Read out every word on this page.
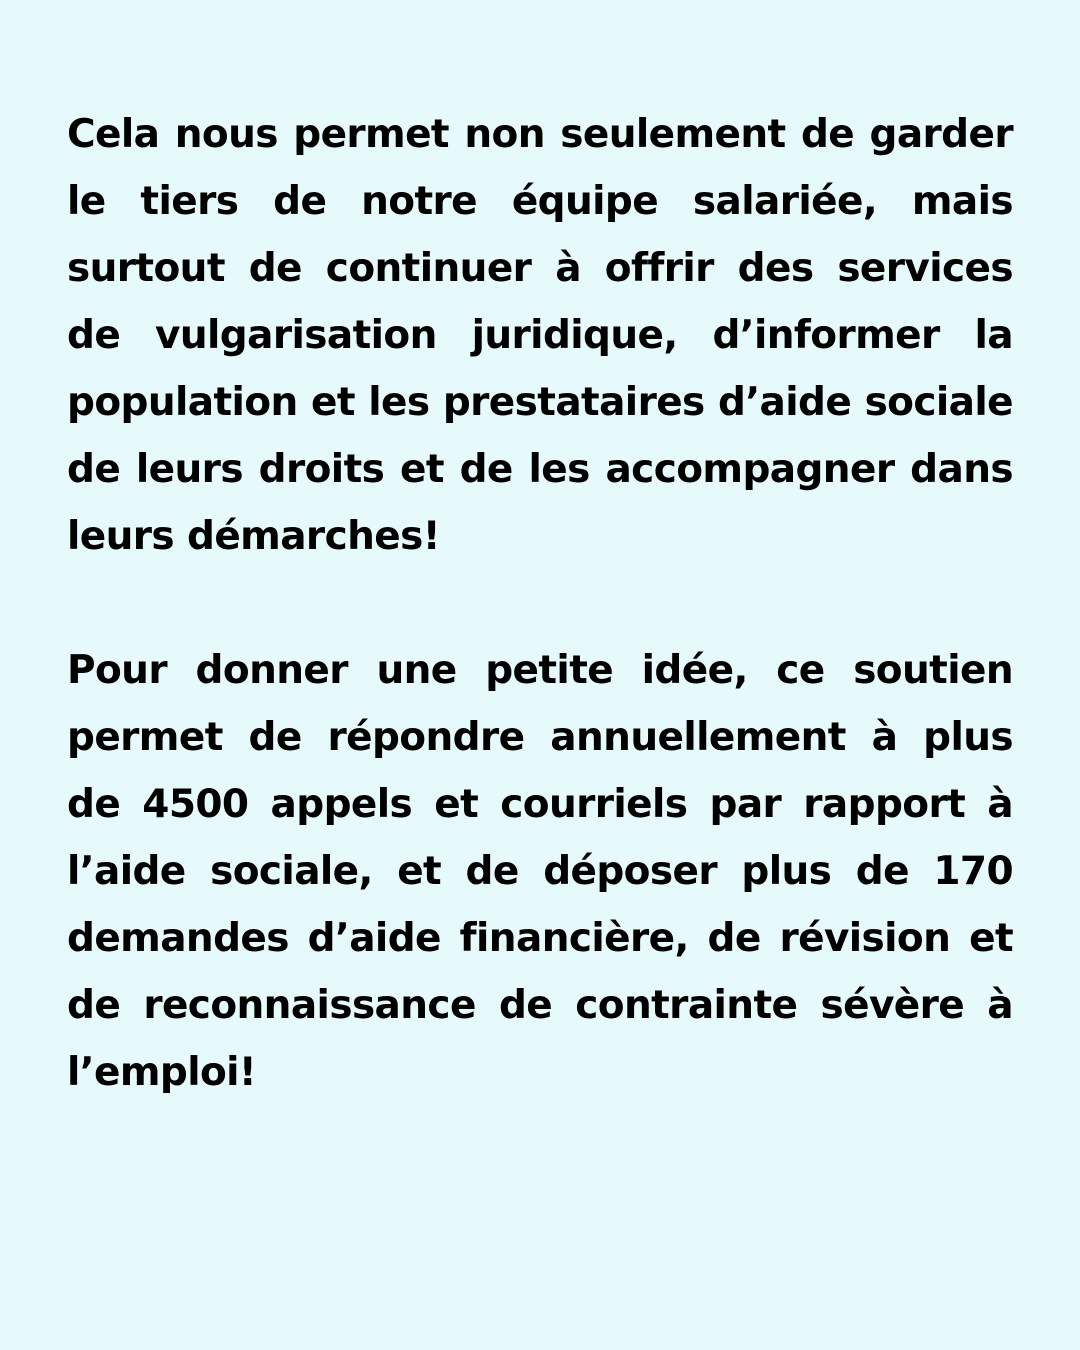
Cela nous permet non seulement de garder le tiers de notre équipe salariée, mais surtout de continuer à offrir des services de vulgarisation juridique, d’informer la population et les prestataires d’aide sociale de leurs droits et de les accompagner dans leurs démarches!

Pour donner une petite idée, ce soutien permet de répondre annuellement à plus de 4500 appels et courriels par rapport à l’aide sociale, et de déposer plus de 170 demandes d’aide financière, de révision et de reconnaissance de contrainte sévère à l’emploi!
